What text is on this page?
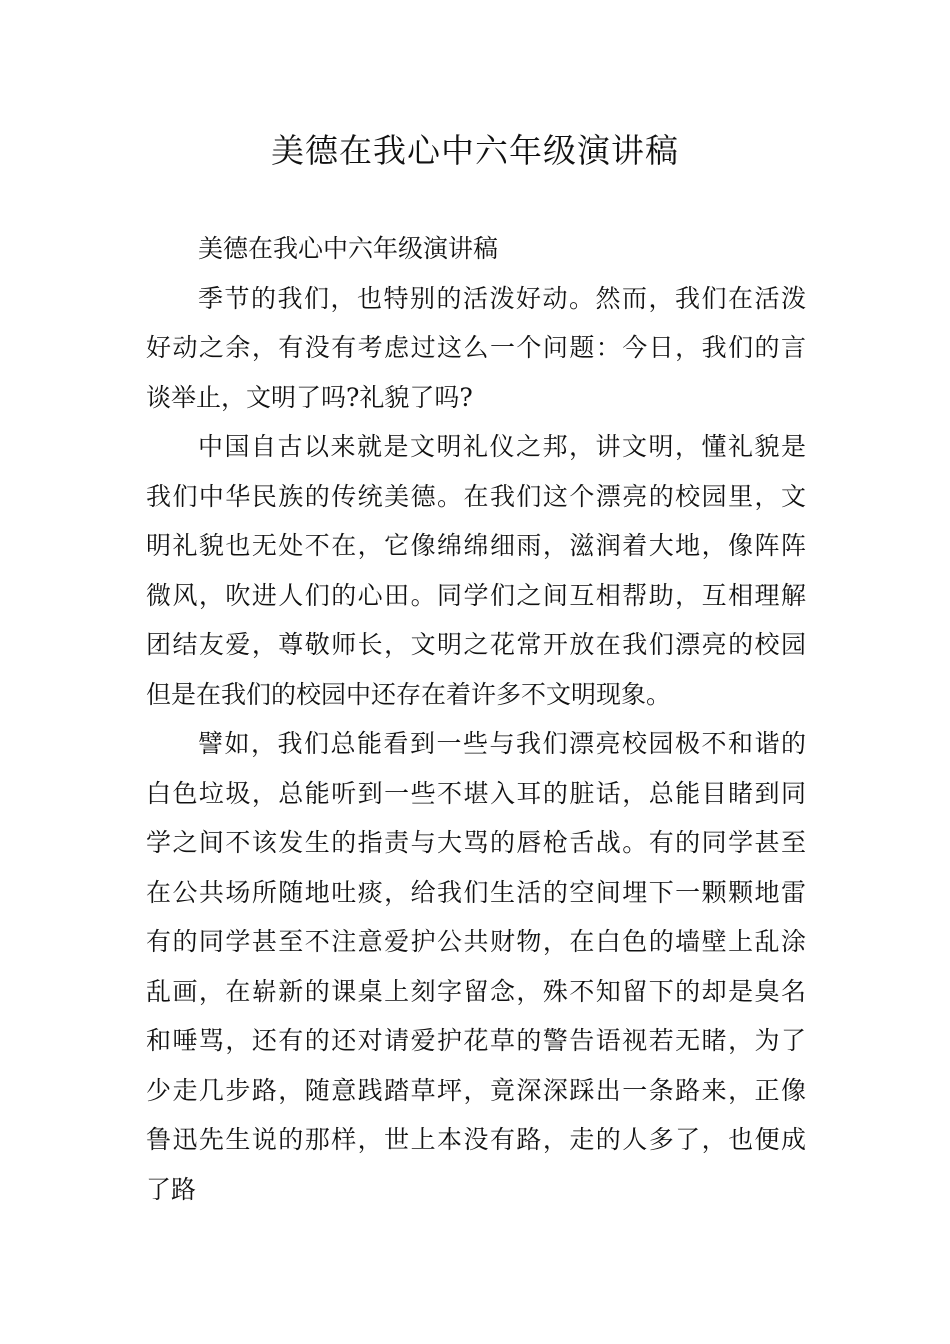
美德在我心中六年级演讲稿
美德在我心中六年级演讲稿
季节的我们，也特别的活泼好动。然而，我们在活泼
好动之余，有没有考虑过这么一个问题：今日，我们的言
谈举止，文明了吗?礼貌了吗?
中国自古以来就是文明礼仪之邦，讲文明，懂礼貌是
我们中华民族的传统美德。在我们这个漂亮的校园里，文
明礼貌也无处不在，它像绵绵细雨，滋润着大地，像阵阵
微风，吹进人们的心田。同学们之间互相帮助，互相理解
团结友爱，尊敬师长，文明之花常开放在我们漂亮的校园
但是在我们的校园中还存在着许多不文明现象。
譬如，我们总能看到一些与我们漂亮校园极不和谐的
白色垃圾，总能听到一些不堪入耳的脏话，总能目睹到同
学之间不该发生的指责与大骂的唇枪舌战。有的同学甚至
在公共场所随地吐痰，给我们生活的空间埋下一颗颗地雷
有的同学甚至不注意爱护公共财物，在白色的墙壁上乱涂
乱画，在崭新的课桌上刻字留念，殊不知留下的却是臭名
和唾骂，还有的还对请爱护花草的警告语视若无睹，为了
少走几步路，随意践踏草坪，竟深深踩出一条路来，正像
鲁迅先生说的那样，世上本没有路，走的人多了，也便成
了路
